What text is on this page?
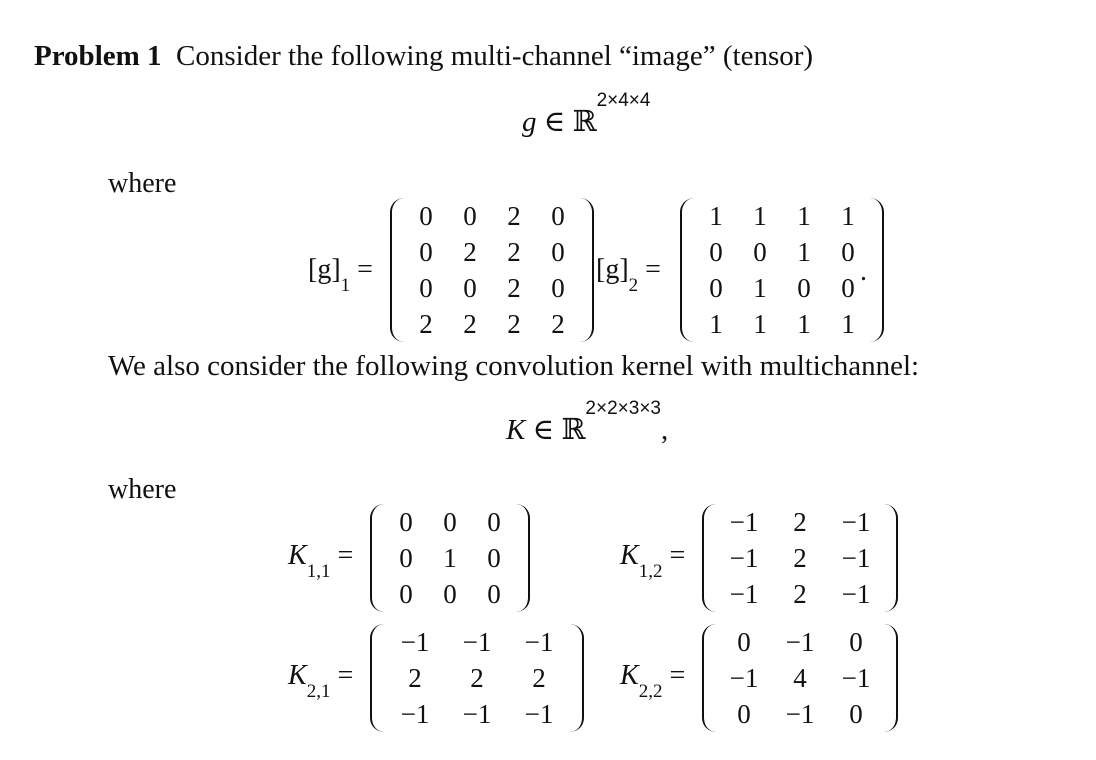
Problem 1 Consider the following multi-channel “image” (tensor)
g ∈ ℝ$^{2\times 4\times 4}$
where
$[g]_1$ =
0	0	2	0
0	2	2	0
0	0	2	0
2	2	2	2
$[g]_2$ =
1	1	1	1
0	0	1	0
0	1	0	0
1	1	1	1
.
We also consider the following convolution kernel with multichannel:
K ∈ ℝ$^{2\times 2\times 3\times 3}$,
where
$K_{1,1}$ =
0	0	0
0	1	0
0	0	0
$K_{1,2}$ =
−1	2	−1
−1	2	−1
−1	2	−1
$K_{2,1}$ =
−1	−1	−1
2	2	2
−1	−1	−1
$K_{2,2}$ =
0	−1	0
−1	4	−1
0	−1	0
